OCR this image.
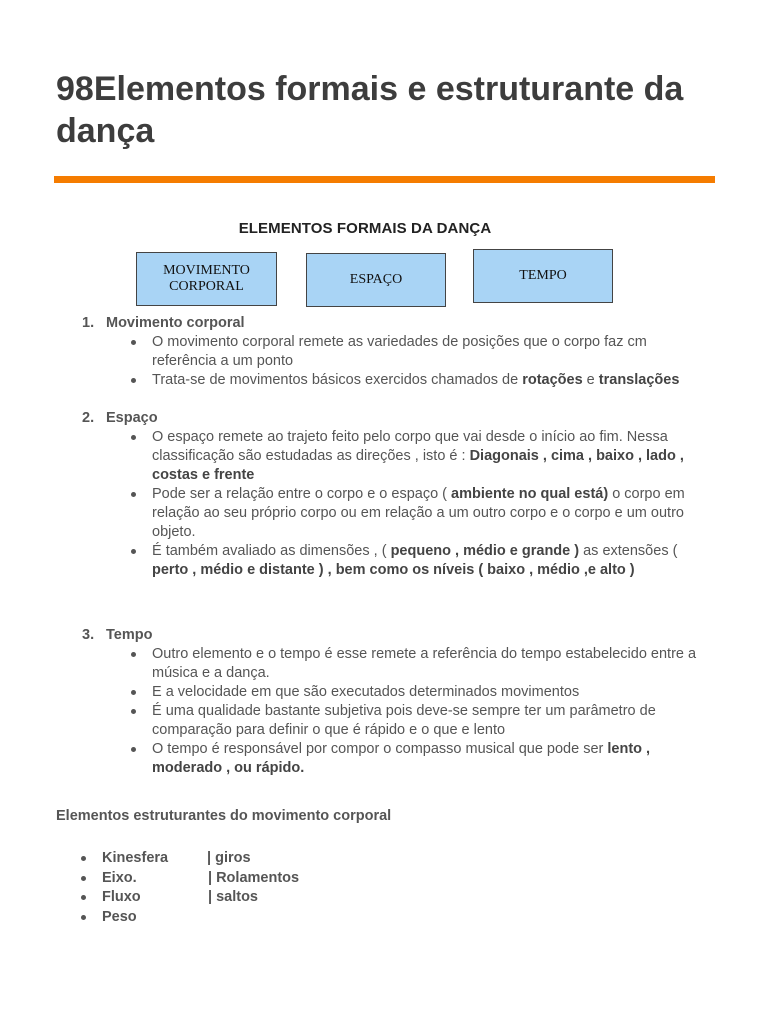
98Elementos formais e estruturante da dança
ELEMENTOS FORMAIS DA DANÇA
MOVIMENTO CORPORAL	ESPAÇO	TEMPO
1. Movimento corporal
O movimento corporal remete as variedades de posições que o corpo faz cm referência a um ponto
Trata-se de movimentos básicos exercidos chamados de rotações e translações
2. Espaço
O espaço remete ao trajeto feito pelo corpo que vai desde o início ao fim. Nessa classificação são estudadas as direções , isto é : Diagonais , cima , baixo , lado , costas e frente
Pode ser a relação entre o corpo e o espaço ( ambiente no qual está) o corpo em relação ao seu próprio corpo ou em relação a um outro corpo e o corpo e um outro objeto.
É também avaliado as dimensões , ( pequeno , médio e grande ) as extensões ( perto , médio e distante ) , bem como os níveis ( baixo , médio ,e alto )
3. Tempo
Outro elemento e o tempo é esse remete a referência do tempo estabelecido entre a música e a dança.
E a velocidade em que são executados determinados movimentos
É uma qualidade bastante subjetiva pois deve-se sempre ter um parâmetro de comparação para definir o que é rápido e o que e lento
O tempo é responsável por compor o compasso musical que pode ser lento , moderado , ou rápido.
Elementos estruturantes do movimento corporal
Kinesfera	| giros
Eixo.	| Rolamentos
Fluxo	| saltos
Peso
